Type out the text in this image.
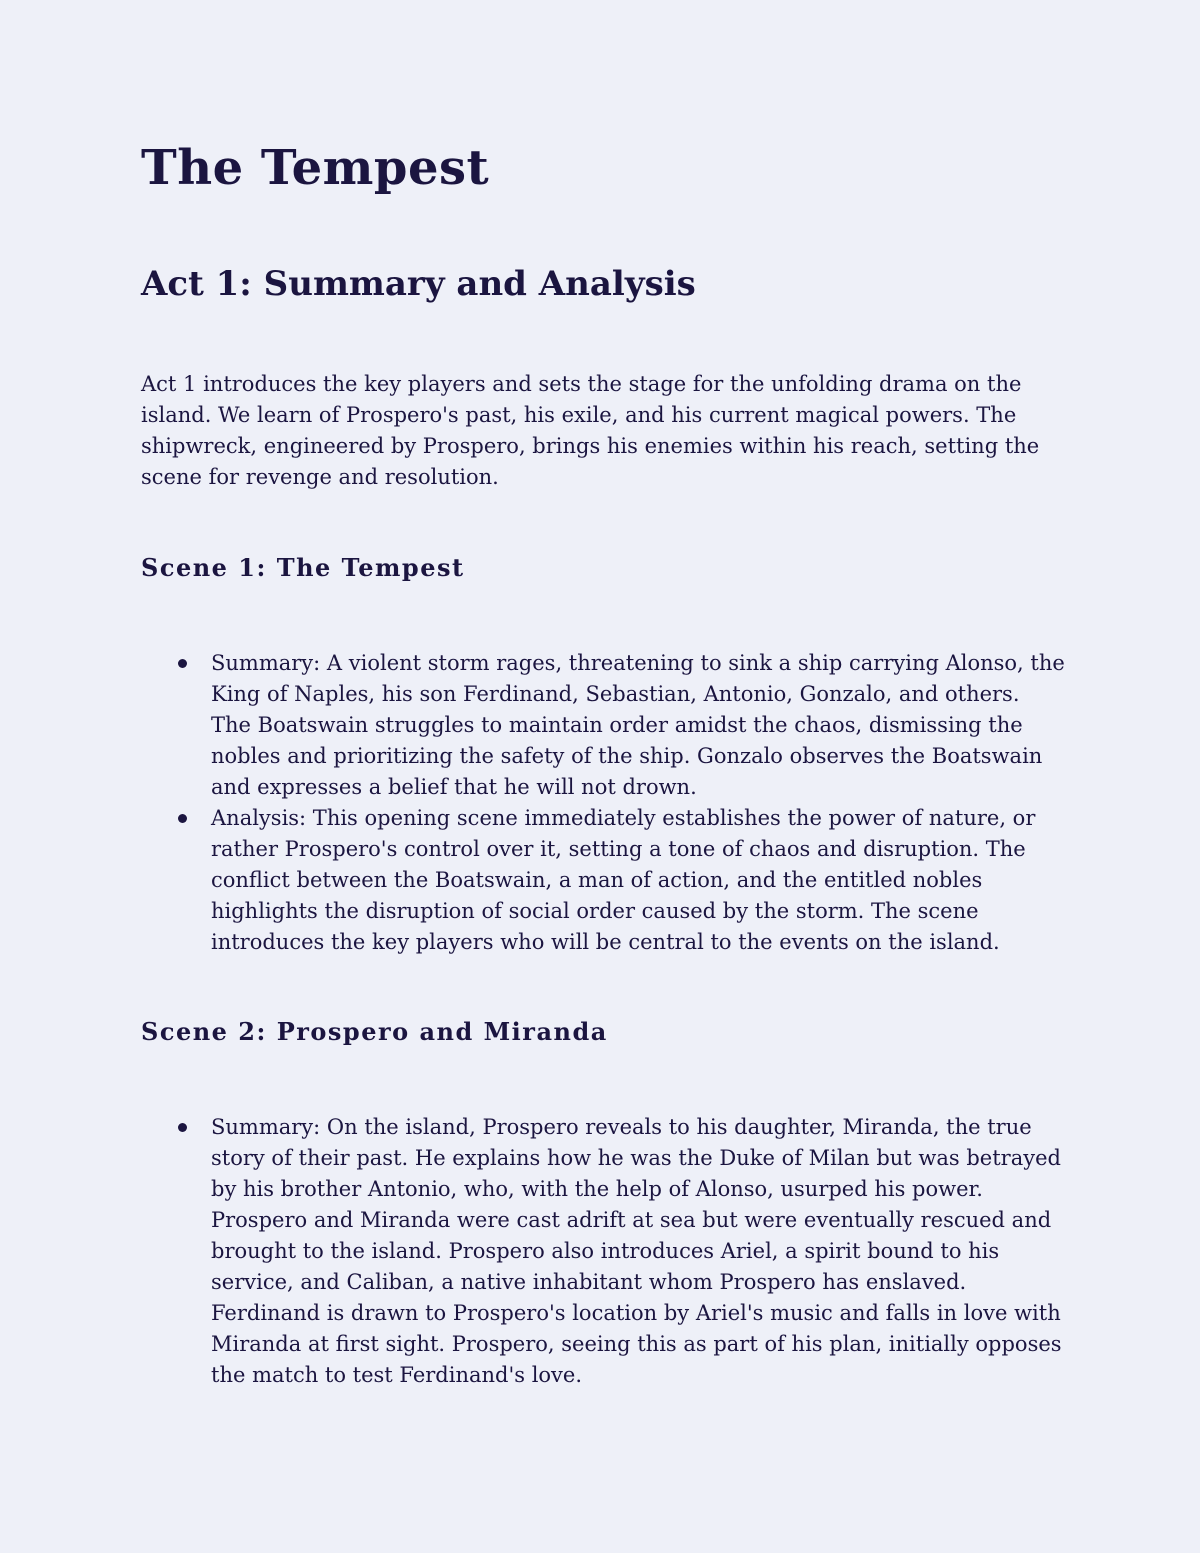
The Tempest
Act 1: Summary and Analysis

Act 1 introduces the key players and sets the stage for the unfolding drama on the island. We learn of Prospero's past, his exile, and his current magical powers. The shipwreck, engineered by Prospero, brings his enemies within his reach, setting the scene for revenge and resolution.

Scene 1: The Tempest
Summary: A violent storm rages, threatening to sink a ship carrying Alonso, the King of Naples, his son Ferdinand, Sebastian, Antonio, Gonzalo, and others. The Boatswain struggles to maintain order amidst the chaos, dismissing the nobles and prioritizing the safety of the ship. Gonzalo observes the Boatswain and expresses a belief that he will not drown.
Analysis: This opening scene immediately establishes the power of nature, or rather Prospero's control over it, setting a tone of chaos and disruption. The conflict between the Boatswain, a man of action, and the entitled nobles highlights the disruption of social order caused by the storm. The scene introduces the key players who will be central to the events on the island.
Scene 2: Prospero and Miranda
Summary: On the island, Prospero reveals to his daughter, Miranda, the true story of their past. He explains how he was the Duke of Milan but was betrayed by his brother Antonio, who, with the help of Alonso, usurped his power. Prospero and Miranda were cast adrift at sea but were eventually rescued and brought to the island. Prospero also introduces Ariel, a spirit bound to his service, and Caliban, a native inhabitant whom Prospero has enslaved. Ferdinand is drawn to Prospero's location by Ariel's music and falls in love with Miranda at first sight. Prospero, seeing this as part of his plan, initially opposes the match to test Ferdinand's love.
